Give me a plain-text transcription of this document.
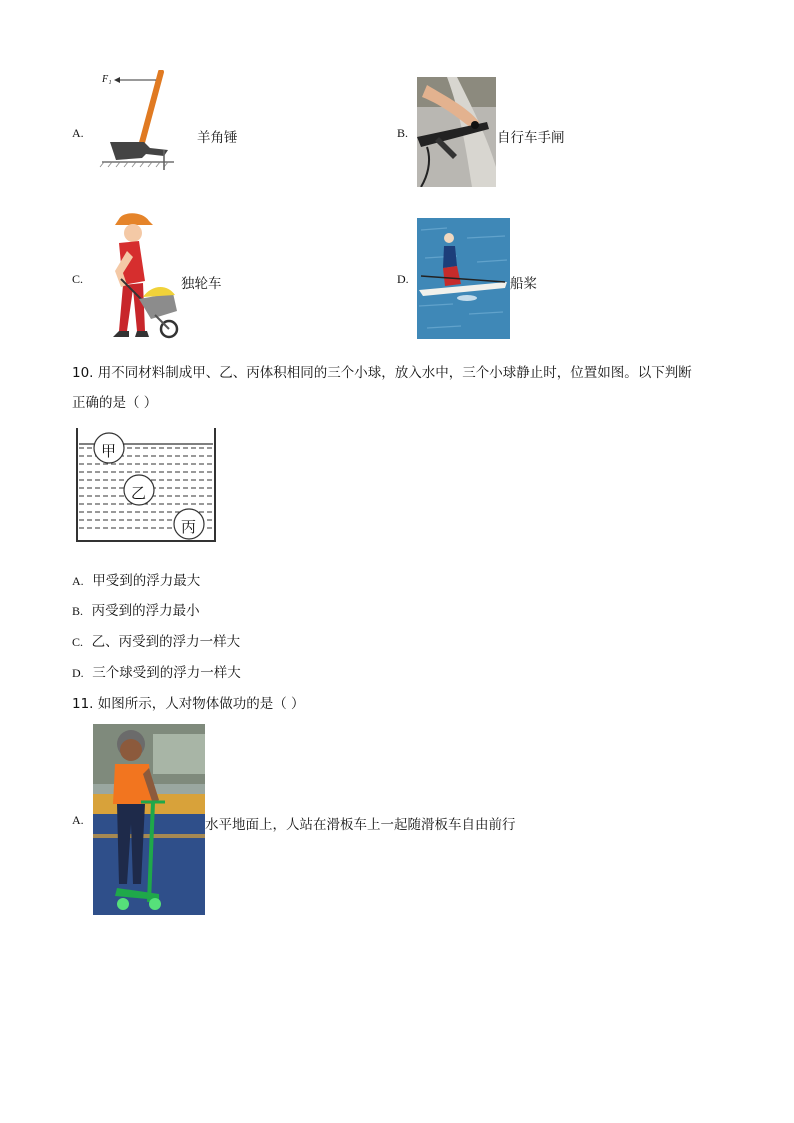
A.
F₁
羊角锤	B.	自行车手闸
C.	独轮车	D.	船桨
10. 用不同材料制成甲、乙、丙体积相同的三个小球，放入水中，三个小球静止时，位置如图。以下判断
正确的是（ ）
甲
乙
丙
A. 甲受到的浮力最大
B. 丙受到的浮力最小
C. 乙、丙受到的浮力一样大
D. 三个球受到的浮力一样大
11. 如图所示，人对物体做功的是（ ）
A.	水平地面上，人站在滑板车上一起随滑板车自由前行
